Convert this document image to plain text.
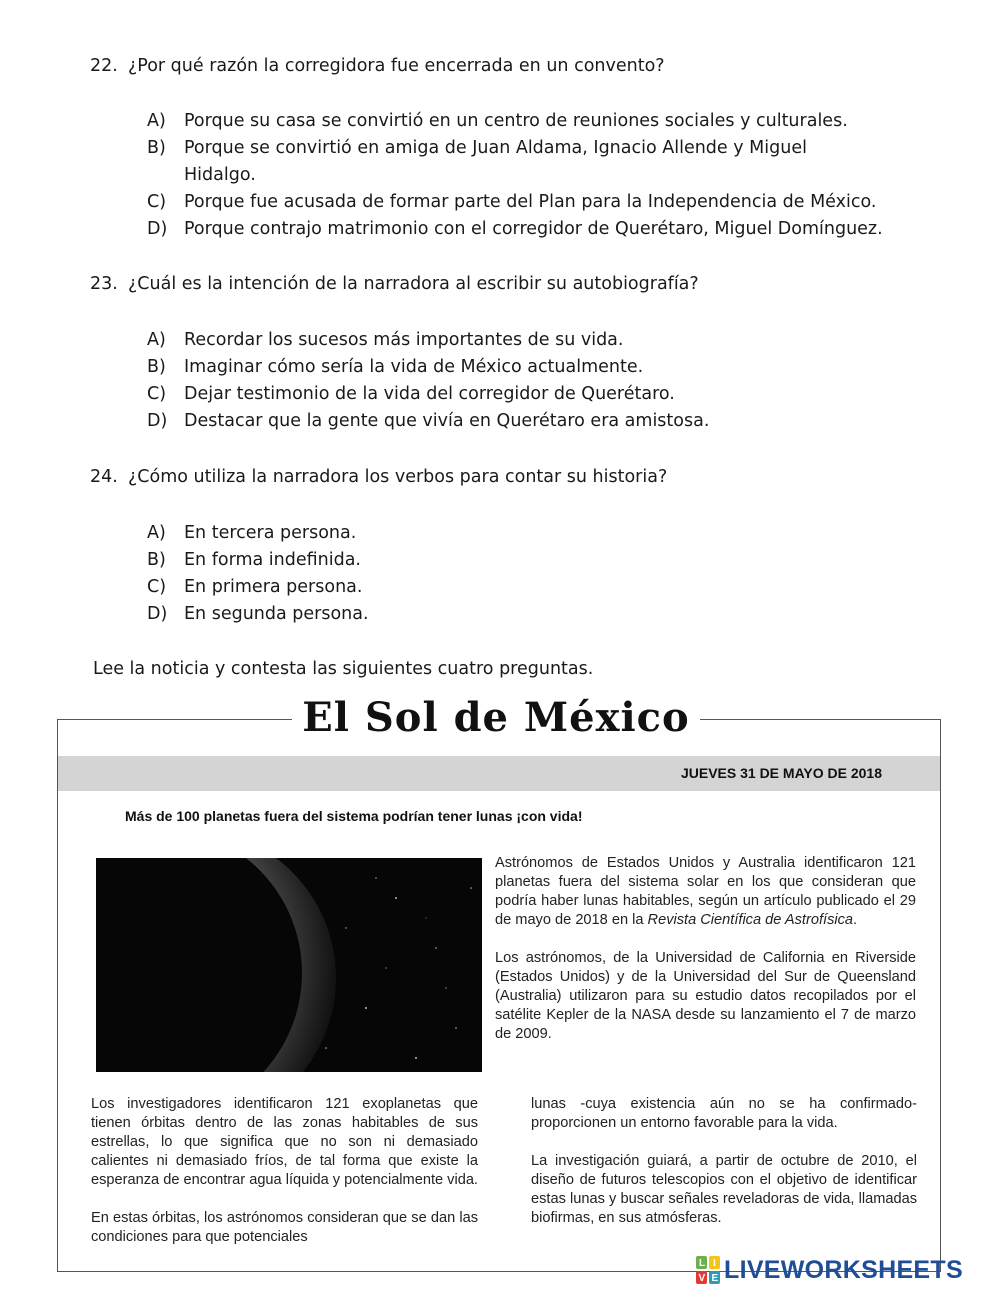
22. ¿Por qué razón la corregidora fue encerrada en un convento?
A) Porque su casa se convirtió en un centro de reuniones sociales y culturales.
B) Porque se convirtió en amiga de Juan Aldama, Ignacio Allende y Miguel Hidalgo.
C) Porque fue acusada de formar parte del Plan para la Independencia de México.
D) Porque contrajo matrimonio con el corregidor de Querétaro, Miguel Domínguez.
23. ¿Cuál es la intención de la narradora al escribir su autobiografía?
A) Recordar los sucesos más importantes de su vida.
B) Imaginar cómo sería la vida de México actualmente.
C) Dejar testimonio de la vida del corregidor de Querétaro.
D) Destacar que la gente que vivía en Querétaro era amistosa.
24. ¿Cómo utiliza la narradora los verbos para contar su historia?
A) En tercera persona.
B) En forma indefinida.
C) En primera persona.
D) En segunda persona.
Lee la noticia y contesta las siguientes cuatro preguntas.
El Sol de México
JUEVES 31 DE MAYO DE 2018
Más de 100 planetas fuera del sistema podrían tener lunas ¡con vida!

Astrónomos de Estados Unidos y Australia identificaron 121 planetas fuera del sistema solar en los que consideran que podría haber lunas habitables, según un artículo publicado el 29 de mayo de 2018 en la Revista Científica de Astrofísica.

Los astrónomos, de la Universidad de California en Riverside (Estados Unidos) y de la Universidad del Sur de Queensland (Australia) utilizaron para su estudio datos recopilados por el satélite Kepler de la NASA desde su lanzamiento el 7 de marzo de 2009.

Los investigadores identificaron 121 exoplanetas que tienen órbitas dentro de las zonas habitables de sus estrellas, lo que significa que no son ni demasiado calientes ni demasiado fríos, de tal forma que existe la esperanza de encontrar agua líquida y potencialmente vida.

En estas órbitas, los astrónomos consideran que se dan las condiciones para que potenciales

lunas -cuya existencia aún no se ha confirmado- proporcionen un entorno favorable para la vida.

La investigación guiará, a partir de octubre de 2010, el diseño de futuros telescopios con el objetivo de identificar estas lunas y buscar señales reveladoras de vida, llamadas biofirmas, en sus atmósferas.

L I
V E LIVEWORKSHEETS
